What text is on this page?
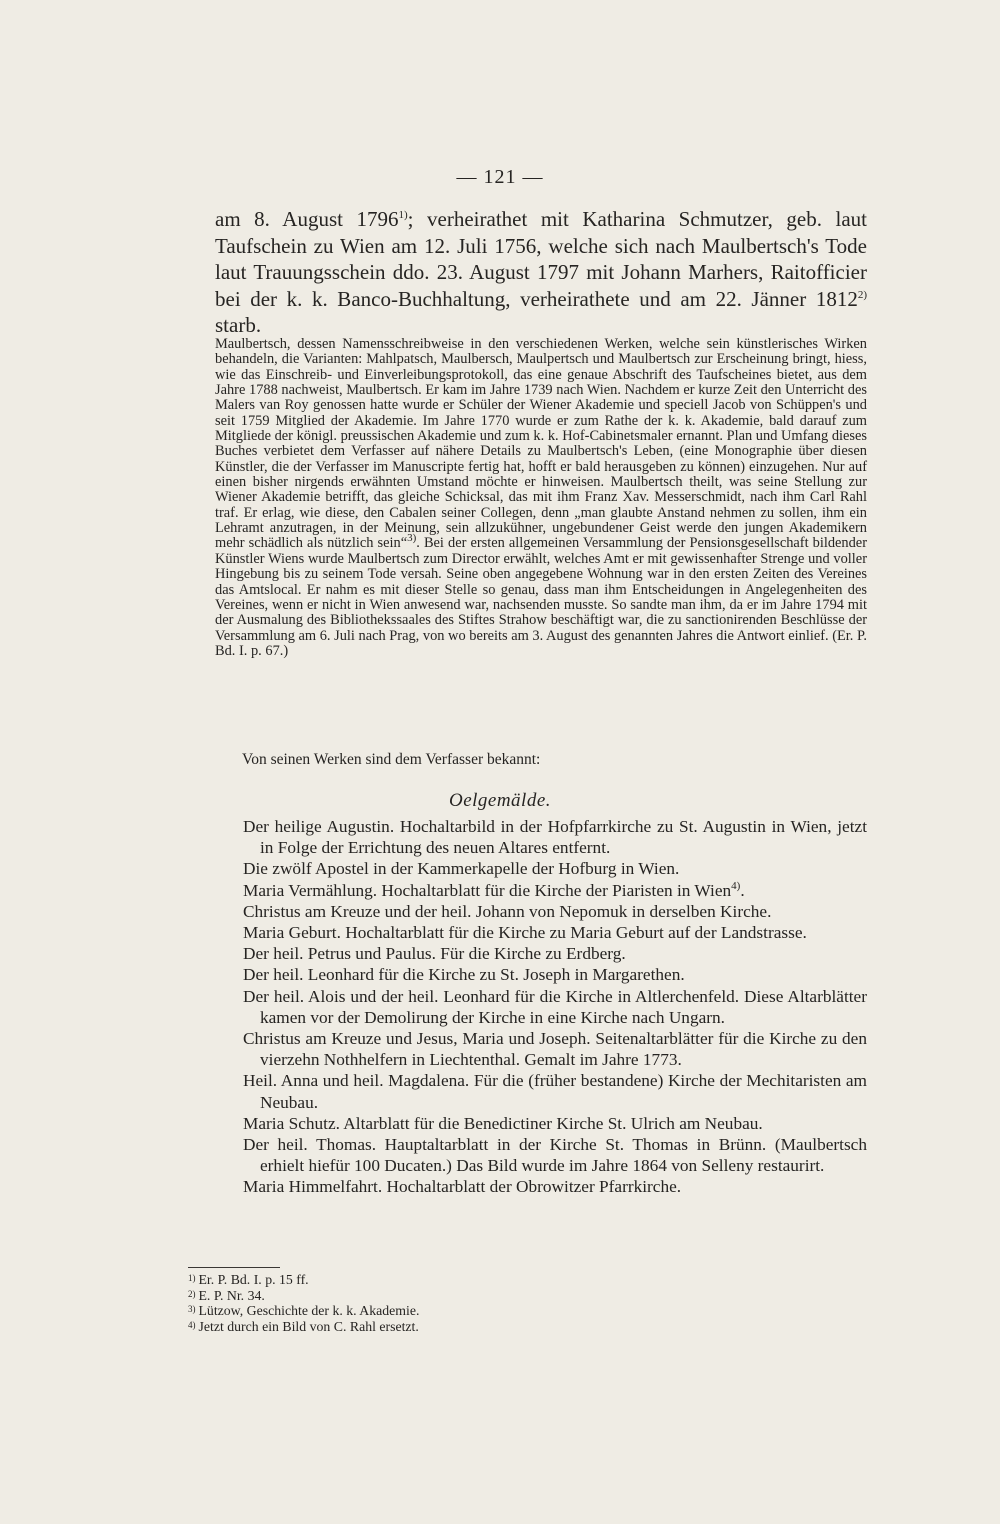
— 121 —

am 8. August 1796$^{1)}$; verheirathet mit Katharina Schmutzer, geb. laut Taufschein zu Wien am 12. Juli 1756, welche sich nach Maulbertsch's Tode laut Trauungsschein ddo. 23. August 1797 mit Johann Marhers, Raitofficier bei der k. k. Banco-Buchhaltung, verheirathete und am 22. Jänner 1812$^{2)}$ starb.

Maulbertsch, dessen Namensschreibweise in den verschiedenen Werken, welche sein künstlerisches Wirken behandeln, die Varianten: Mahlpatsch, Maulbersch, Maulpertsch und Maulbertsch zur Erscheinung bringt, hiess, wie das Einschreib- und Einverleibungsprotokoll, das eine genaue Abschrift des Taufscheines bietet, aus dem Jahre 1788 nachweist, Maulbertsch. Er kam im Jahre 1739 nach Wien. Nachdem er kurze Zeit den Unterricht des Malers van Roy genossen hatte wurde er Schüler der Wiener Akademie und speciell Jacob von Schüppen's und seit 1759 Mitglied der Akademie. Im Jahre 1770 wurde er zum Rathe der k. k. Akademie, bald darauf zum Mitgliede der königl. preussischen Akademie und zum k. k. Hof-Cabinetsmaler ernannt. Plan und Umfang dieses Buches verbietet dem Verfasser auf nähere Details zu Maulbertsch's Leben, (eine Monographie über diesen Künstler, die der Verfasser im Manuscripte fertig hat, hofft er bald herausgeben zu können) einzugehen. Nur auf einen bisher nirgends erwähnten Umstand möchte er hinweisen. Maulbertsch theilt, was seine Stellung zur Wiener Akademie betrifft, das gleiche Schicksal, das mit ihm Franz Xav. Messerschmidt, nach ihm Carl Rahl traf. Er erlag, wie diese, den Cabalen seiner Collegen, denn „man glaubte Anstand nehmen zu sollen, ihm ein Lehramt anzutragen, in der Meinung, sein allzukühner, ungebundener Geist werde den jungen Akademikern mehr schädlich als nützlich sein“$^{3)}$. Bei der ersten allgemeinen Versammlung der Pensionsgesellschaft bildender Künstler Wiens wurde Maulbertsch zum Director erwählt, welches Amt er mit gewissenhafter Strenge und voller Hingebung bis zu seinem Tode versah. Seine oben angegebene Wohnung war in den ersten Zeiten des Vereines das Amtslocal. Er nahm es mit dieser Stelle so genau, dass man ihm Entscheidungen in Angelegenheiten des Vereines, wenn er nicht in Wien anwesend war, nachsenden musste. So sandte man ihm, da er im Jahre 1794 mit der Ausmalung des Bibliothekssaales des Stiftes Strahow beschäftigt war, die zu sanctionirenden Beschlüsse der Versammlung am 6. Juli nach Prag, von wo bereits am 3. August des genannten Jahres die Antwort einlief. (Er. P. Bd. I. p. 67.)

Von seinen Werken sind dem Verfasser bekannt:
Oelgemälde.
Der heilige Augustin. Hochaltarbild in der Hofpfarrkirche zu St. Augustin in Wien, jetzt in Folge der Errichtung des neuen Altares entfernt.
Die zwölf Apostel in der Kammerkapelle der Hofburg in Wien.
Maria Vermählung. Hochaltarblatt für die Kirche der Piaristen in Wien$^{4)}$.
Christus am Kreuze und der heil. Johann von Nepomuk in derselben Kirche.
Maria Geburt. Hochaltarblatt für die Kirche zu Maria Geburt auf der Landstrasse.
Der heil. Petrus und Paulus. Für die Kirche zu Erdberg.
Der heil. Leonhard für die Kirche zu St. Joseph in Margarethen.
Der heil. Alois und der heil. Leonhard für die Kirche in Altlerchenfeld. Diese Altarblätter kamen vor der Demolirung der Kirche in eine Kirche nach Ungarn.
Christus am Kreuze und Jesus, Maria und Joseph. Seitenaltarblätter für die Kirche zu den vierzehn Nothhelfern in Liechtenthal. Gemalt im Jahre 1773.
Heil. Anna und heil. Magdalena. Für die (früher bestandene) Kirche der Mechitaristen am Neubau.
Maria Schutz. Altarblatt für die Benedictiner Kirche St. Ulrich am Neubau.
Der heil. Thomas. Hauptaltarblatt in der Kirche St. Thomas in Brünn. (Maulbertsch erhielt hiefür 100 Ducaten.) Das Bild wurde im Jahre 1864 von Selleny restaurirt.
Maria Himmelfahrt. Hochaltarblatt der Obrowitzer Pfarrkirche.
$^{1)}$ Er. P. Bd. I. p. 15 ff.
$^{2)}$ E. P. Nr. 34.
$^{3)}$ Lützow, Geschichte der k. k. Akademie.
$^{4)}$ Jetzt durch ein Bild von C. Rahl ersetzt.
